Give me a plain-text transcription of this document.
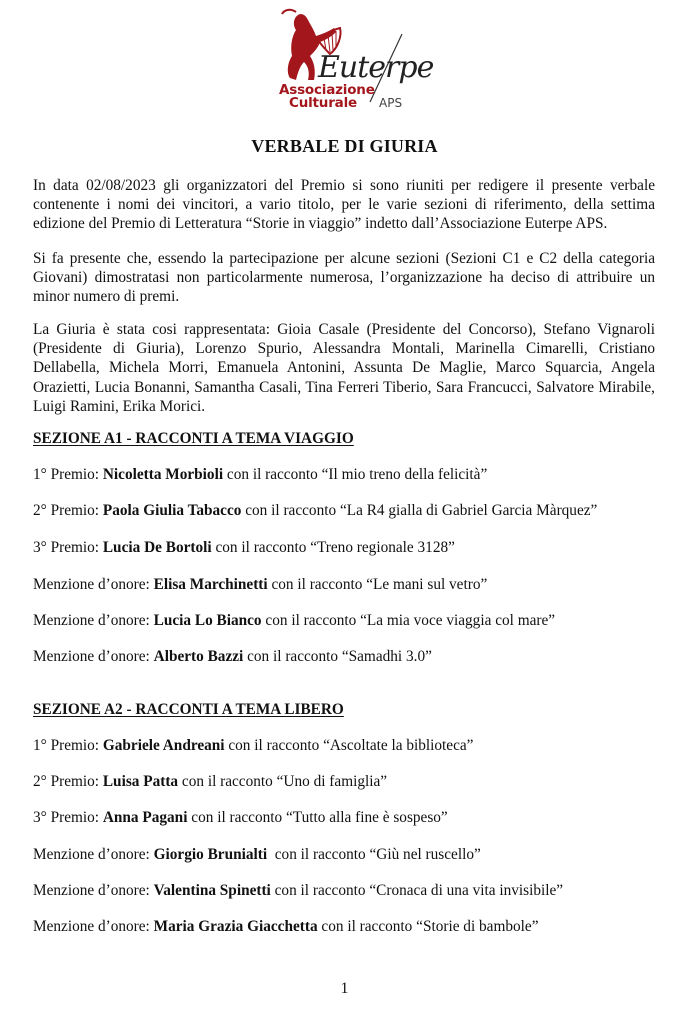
Euterpe
Associazione
Culturale	APS
VERBALE DI GIURIA

In data 02/08/2023 gli organizzatori del Premio si sono riuniti per redigere il presente verbale contenente i nomi dei vincitori, a vario titolo, per le varie sezioni di riferimento, della settima edizione del Premio di Letteratura “Storie in viaggio” indetto dall’Associazione Euterpe APS.

Si fa presente che, essendo la partecipazione per alcune sezioni (Sezioni C1 e C2 della categoria Giovani) dimostratasi non particolarmente numerosa, l’organizzazione ha deciso di attribuire un minor numero di premi.

La Giuria è stata cosi rappresentata: Gioia Casale (Presidente del Concorso), Stefano Vignaroli (Presidente di Giuria), Lorenzo Spurio, Alessandra Montali, Marinella Cimarelli, Cristiano Dellabella, Michela Morri, Emanuela Antonini, Assunta De Maglie, Marco Squarcia, Angela Orazietti, Lucia Bonanni, Samantha Casali, Tina Ferreri Tiberio, Sara Francucci, Salvatore Mirabile, Luigi Ramini, Erika Morici.

SEZIONE A1 - RACCONTI A TEMA VIAGGIO
1° Premio: Nicoletta Morbioli con il racconto “Il mio treno della felicità”
2° Premio: Paola Giulia Tabacco con il racconto “La R4 gialla di Gabriel Garcia Màrquez”
3° Premio: Lucia De Bortoli con il racconto “Treno regionale 3128”
Menzione d’onore: Elisa Marchinetti con il racconto “Le mani sul vetro”
Menzione d’onore: Lucia Lo Bianco con il racconto “La mia voce viaggia col mare”
Menzione d’onore: Alberto Bazzi con il racconto “Samadhi 3.0”
SEZIONE A2 - RACCONTI A TEMA LIBERO
1° Premio: Gabriele Andreani con il racconto “Ascoltate la biblioteca”
2° Premio: Luisa Patta con il racconto “Uno di famiglia”
3° Premio: Anna Pagani con il racconto “Tutto alla fine è sospeso”
Menzione d’onore: Giorgio Brunialti  con il racconto “Giù nel ruscello”
Menzione d’onore: Valentina Spinetti con il racconto “Cronaca di una vita invisibile”
Menzione d’onore: Maria Grazia Giacchetta con il racconto “Storie di bambole”
1
